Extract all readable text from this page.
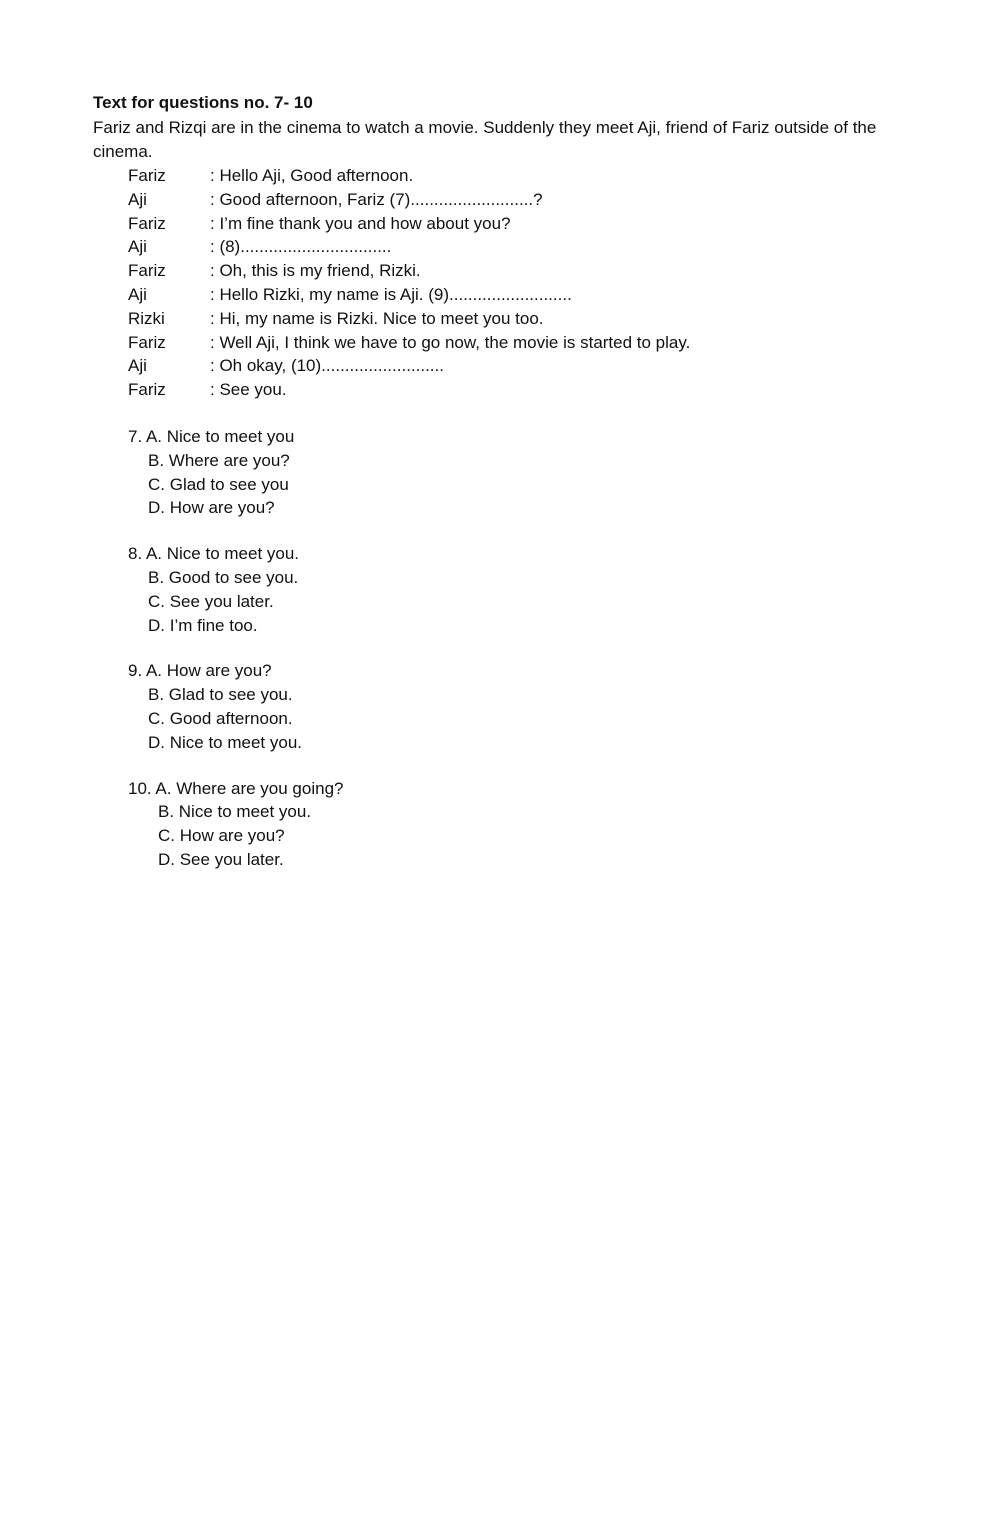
Text for questions no. 7- 10

Fariz and Rizqi are in the cinema to watch a movie. Suddenly they meet Aji, friend of Fariz outside of the cinema.

Fariz	: Hello Aji, Good afternoon.
Aji	: Good afternoon, Fariz (7)..........................?
Fariz	: I’m fine thank you and how about you?
Aji	: (8)................................
Fariz	: Oh, this is my friend, Rizki.
Aji	: Hello Rizki, my name is Aji. (9)..........................
Rizki	: Hi, my name is Rizki. Nice to meet you too.
Fariz	: Well Aji, I think we have to go now, the movie is started to play.
Aji	: Oh okay, (10)..........................
Fariz	: See you.
7. A. Nice to meet you
B. Where are you?
C. Glad to see you
D. How are you?
8. A. Nice to meet you.
B. Good to see you.
C. See you later.
D. I’m fine too.
9. A. How are you?
B. Glad to see you.
C. Good afternoon.
D. Nice to meet you.
10. A. Where are you going?
B. Nice to meet you.
C. How are you?
D. See you later.
